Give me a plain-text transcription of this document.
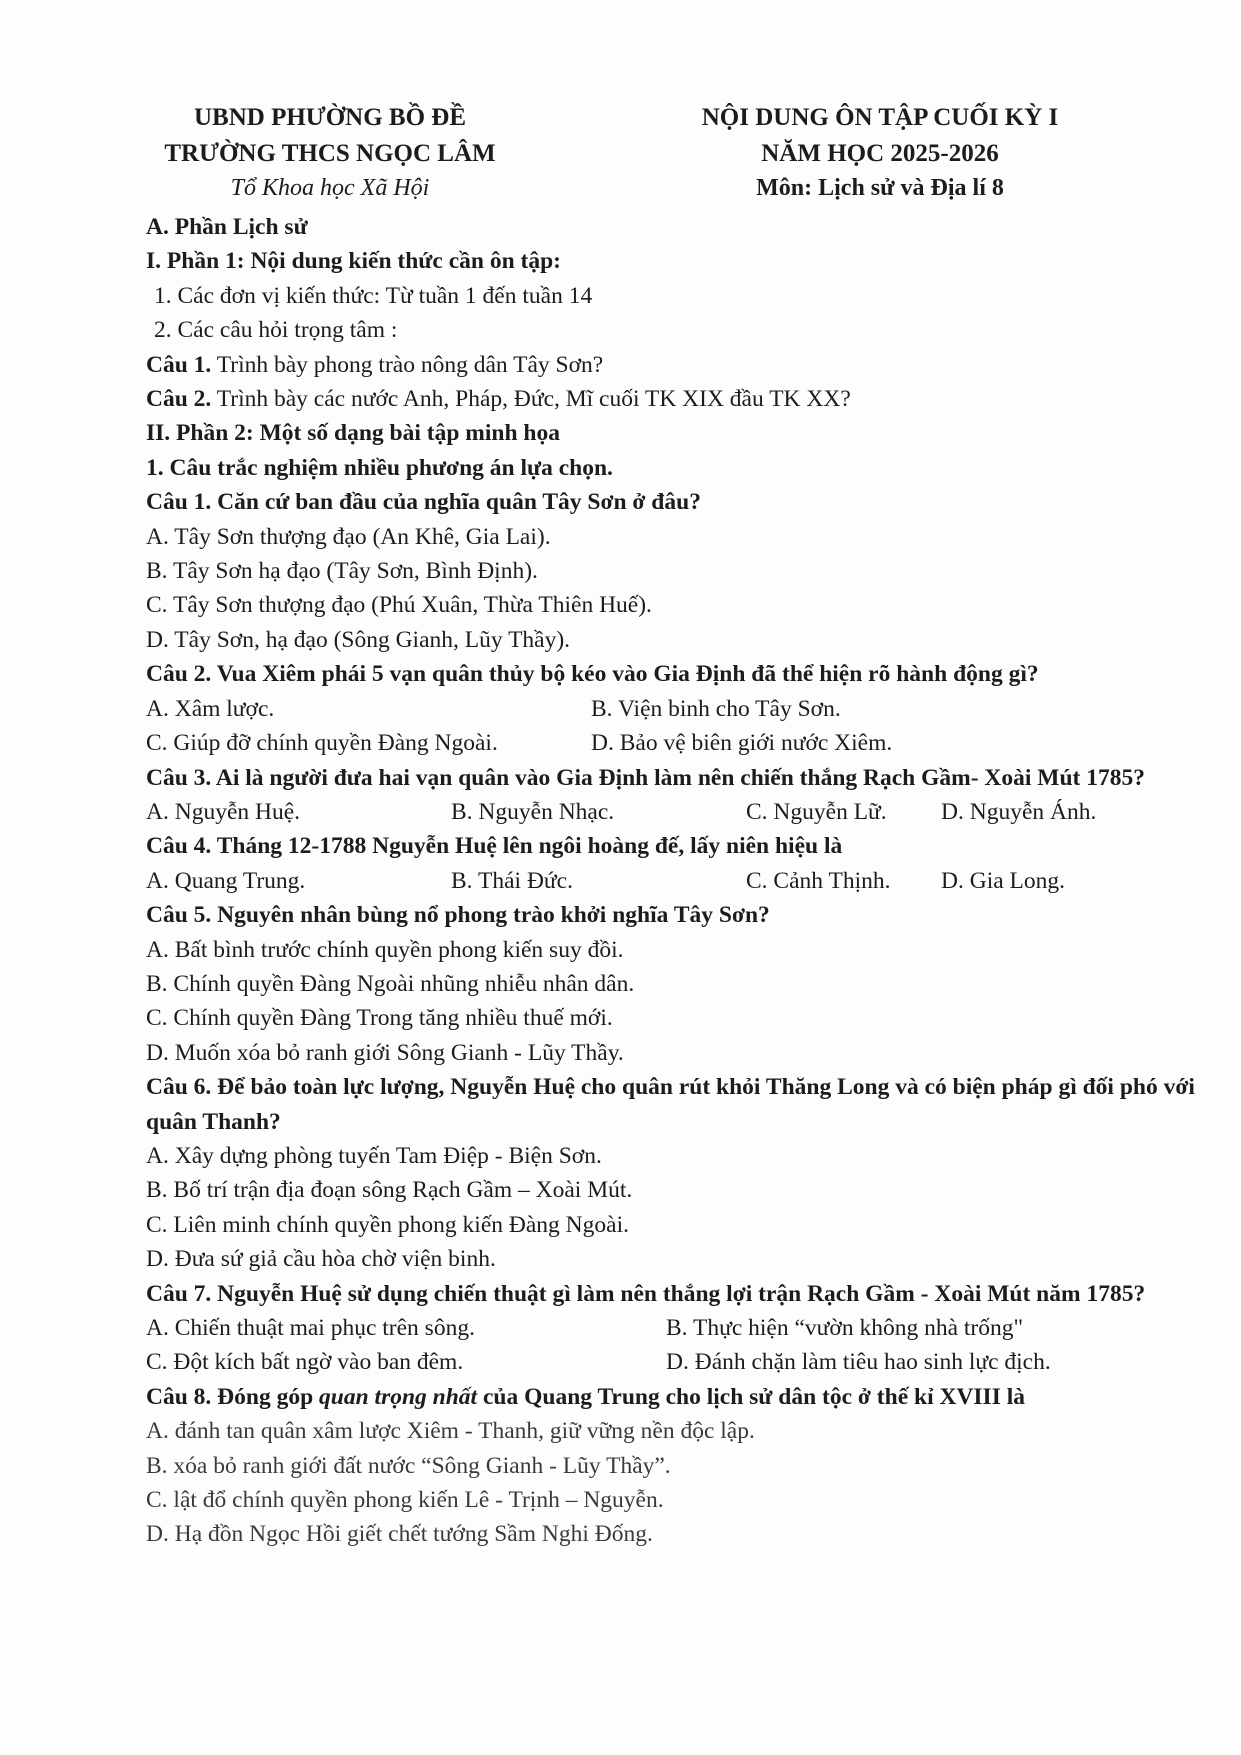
UBND PHƯỜNG BỒ ĐỀ
TRƯỜNG THCS NGỌC LÂM
Tổ Khoa học Xã Hội
NỘI DUNG ÔN TẬP CUỐI KỲ I
NĂM HỌC 2025-2026
Môn: Lịch sử và Địa lí 8

A. Phần Lịch sử

I. Phần 1: Nội dung kiến thức cần ôn tập:

1. Các đơn vị kiến thức: Từ tuần 1 đến tuần 14

2. Các câu hỏi trọng tâm :

Câu 1. Trình bày phong trào nông dân Tây Sơn?

Câu 2. Trình bày các nước Anh, Pháp, Đức, Mĩ cuối TK XIX đầu TK XX?

II. Phần 2: Một số dạng bài tập minh họa

1. Câu trắc nghiệm nhiều phương án lựa chọn.

Câu 1. Căn cứ ban đầu của nghĩa quân Tây Sơn ở đâu?

A. Tây Sơn thượng đạo (An Khê, Gia Lai).

B. Tây Sơn hạ đạo (Tây Sơn, Bình Định).

C. Tây Sơn thượng đạo (Phú Xuân, Thừa Thiên Huế).

D. Tây Sơn, hạ đạo (Sông Gianh, Lũy Thầy).

Câu 2. Vua Xiêm phái 5 vạn quân thủy bộ kéo vào Gia Định đã thể hiện rõ hành động gì?

A. Xâm lược.	B. Viện binh cho Tây Sơn.
C. Giúp đỡ chính quyền Đàng Ngoài.	D. Bảo vệ biên giới nước Xiêm.

Câu 3. Ai là người đưa hai vạn quân vào Gia Định làm nên chiến thắng Rạch Gầm- Xoài Mút 1785?

A. Nguyễn Huệ.	B. Nguyễn Nhạc.	C. Nguyễn Lữ.	D. Nguyễn Ánh.

Câu 4. Tháng 12-1788 Nguyễn Huệ lên ngôi hoàng đế, lấy niên hiệu là

A. Quang Trung.	B. Thái Đức.	C. Cảnh Thịnh.	D. Gia Long.

Câu 5. Nguyên nhân bùng nổ phong trào khởi nghĩa Tây Sơn?

A. Bất bình trước chính quyền phong kiến suy đồi.

B. Chính quyền Đàng Ngoài nhũng nhiễu nhân dân.

C. Chính quyền Đàng Trong tăng nhiều thuế mới.

D. Muốn xóa bỏ ranh giới Sông Gianh - Lũy Thầy.

Câu 6. Để bảo toàn lực lượng, Nguyễn Huệ cho quân rút khỏi Thăng Long và có biện pháp gì đối phó với quân Thanh?

A. Xây dựng phòng tuyến Tam Điệp - Biện Sơn.

B. Bố trí trận địa đoạn sông Rạch Gầm – Xoài Mút.

C. Liên minh chính quyền phong kiến Đàng Ngoài.

D. Đưa sứ giả cầu hòa chờ viện binh.

Câu 7. Nguyễn Huệ sử dụng chiến thuật gì làm nên thắng lợi trận Rạch Gầm - Xoài Mút năm 1785?

A. Chiến thuật mai phục trên sông.	B. Thực hiện “vườn không nhà trống"
C. Đột kích bất ngờ vào ban đêm.	D. Đánh chặn làm tiêu hao sinh lực địch.

Câu 8. Đóng góp quan trọng nhất của Quang Trung cho lịch sử dân tộc ở thế kỉ XVIII là

A. đánh tan quân xâm lược Xiêm - Thanh, giữ vững nền độc lập.

B. xóa bỏ ranh giới đất nước “Sông Gianh - Lũy Thầy”.

C. lật đổ chính quyền phong kiến Lê - Trịnh – Nguyễn.

D. Hạ đồn Ngọc Hồi giết chết tướng Sầm Nghi Đống.
